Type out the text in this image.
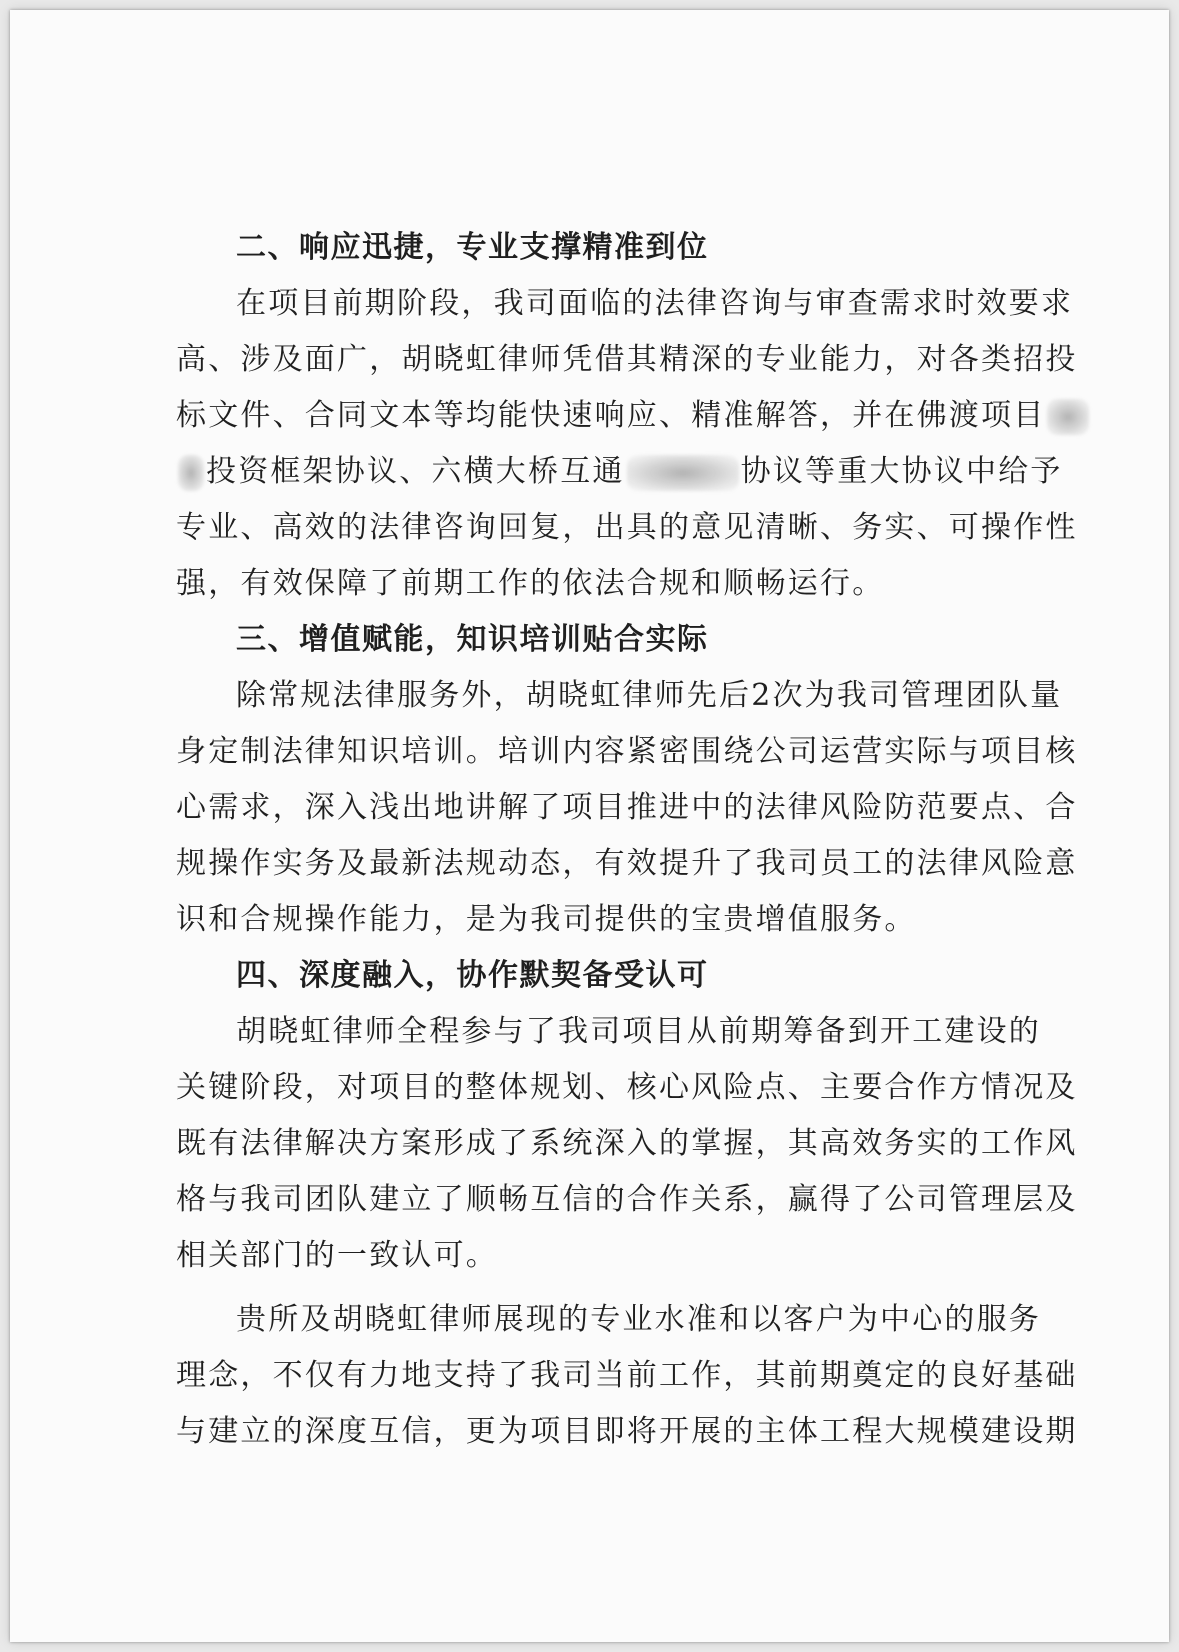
二、响应迅捷，专业支撑精准到位
在项目前期阶段，我司面临的法律咨询与审查需求时效要求
高、涉及面广，胡晓虹律师凭借其精深的专业能力，对各类招投
标文件、合同文本等均能快速响应、精准解答，并在佛渡项目
投资框架协议、六横大桥互通	协议等重大协议中给予
专业、高效的法律咨询回复，出具的意见清晰、务实、可操作性
强，有效保障了前期工作的依法合规和顺畅运行。
三、增值赋能，知识培训贴合实际
除常规法律服务外，胡晓虹律师先后2次为我司管理团队量
身定制法律知识培训。培训内容紧密围绕公司运营实际与项目核
心需求，深入浅出地讲解了项目推进中的法律风险防范要点、合
规操作实务及最新法规动态，有效提升了我司员工的法律风险意
识和合规操作能力，是为我司提供的宝贵增值服务。
四、深度融入，协作默契备受认可
胡晓虹律师全程参与了我司项目从前期筹备到开工建设的
关键阶段，对项目的整体规划、核心风险点、主要合作方情况及
既有法律解决方案形成了系统深入的掌握，其高效务实的工作风
格与我司团队建立了顺畅互信的合作关系，赢得了公司管理层及
相关部门的一致认可。
贵所及胡晓虹律师展现的专业水准和以客户为中心的服务
理念，不仅有力地支持了我司当前工作，其前期奠定的良好基础
与建立的深度互信，更为项目即将开展的主体工程大规模建设期
